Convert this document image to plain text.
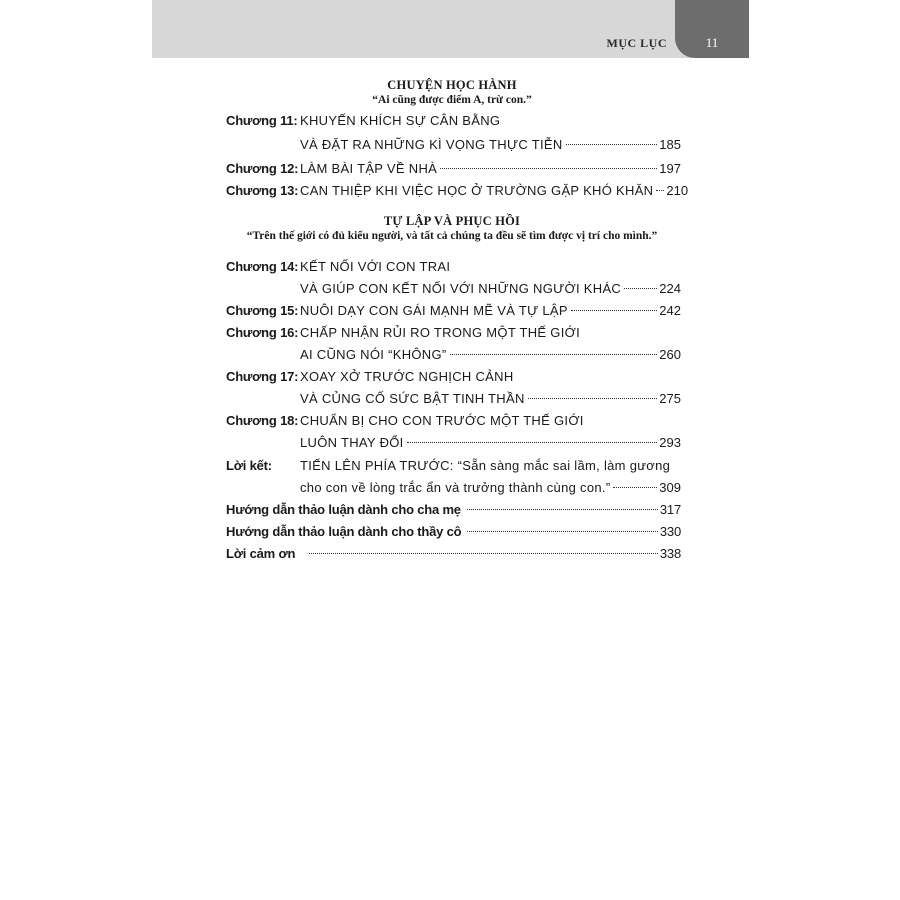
MỤC LỤC	11
CHUYỆN HỌC HÀNH
“Ai cũng được điểm A, trừ con.”
Chương 11: KHUYẾN KHÍCH SỰ CÂN BẰNG
VÀ ĐẶT RA NHỮNG KÌ VỌNG THỰC TIỄN	185
Chương 12: LÀM BÀI TẬP VỀ NHÀ	197
Chương 13: CAN THIỆP KHI VIỆC HỌC Ở TRƯỜNG GẶP KHÓ KHĂN 210
TỰ LẬP VÀ PHỤC HỒI
“Trên thế giới có đủ kiểu người, và tất cả chúng ta đều sẽ tìm được vị trí cho mình.”
Chương 14: KẾT NỐI VỚI CON TRAI
VÀ GIÚP CON KẾT NỐI VỚI NHỮNG NGƯỜI KHÁC	224
Chương 15: NUÔI DẠY CON GÁI MẠNH MẼ VÀ TỰ LẬP	242
Chương 16: CHẤP NHẬN RỦI RO TRONG MỘT THẾ GIỚI
AI CŨNG NÓI “KHÔNG”	260
Chương 17: XOAY XỞ TRƯỚC NGHỊCH CẢNH
VÀ CỦNG CỐ SỨC BẬT TINH THẦN	275
Chương 18: CHUẨN BỊ CHO CON TRƯỚC MỘT THẾ GIỚI
LUÔN THAY ĐỔI	293
Lời kết: TIẾN LÊN PHÍA TRƯỚC: “Sẵn sàng mắc sai lầm, làm gương
cho con về lòng trắc ẩn và trưởng thành cùng con.”	309
Hướng dẫn thảo luận dành cho cha mẹ	317
Hướng dẫn thảo luận dành cho thầy cô	330
Lời cảm ơn	338
